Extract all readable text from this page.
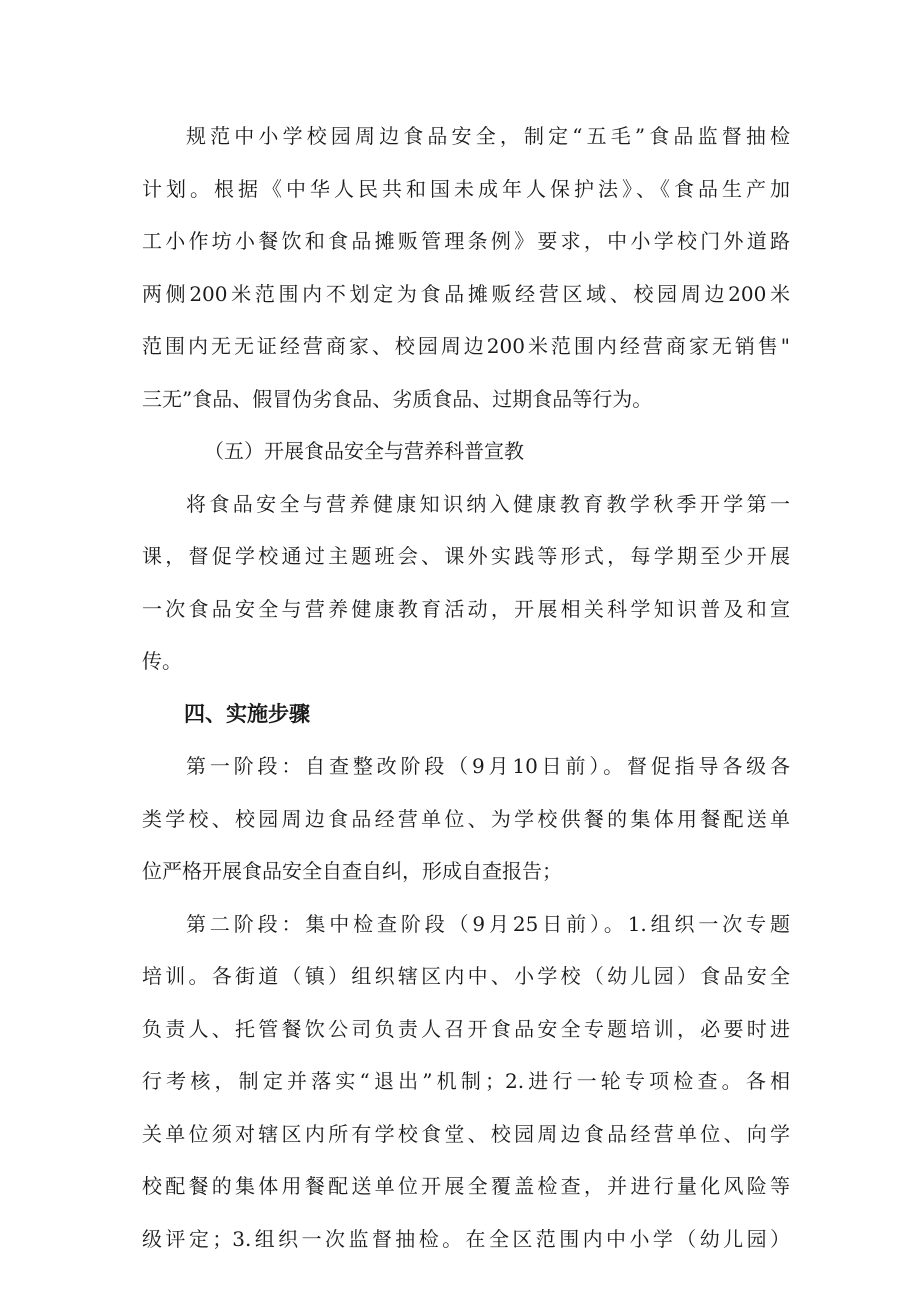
规范中小学校园周边食品安全，制定“五毛”食品监督抽检
计划。根据《中华人民共和国未成年人保护法》、《食品生产加
工小作坊小餐饮和食品摊贩管理条例》要求，中小学校门外道路
两侧200米范围内不划定为食品摊贩经营区域、校园周边200米
范围内无无证经营商家、校园周边200米范围内经营商家无销售"
三无”食品、假冒伪劣食品、劣质食品、过期食品等行为。
（五）开展食品安全与营养科普宣教
将食品安全与营养健康知识纳入健康教育教学秋季开学第一
课，督促学校通过主题班会、课外实践等形式，每学期至少开展
一次食品安全与营养健康教育活动，开展相关科学知识普及和宣
传。
四、实施步骤
第一阶段：自查整改阶段（9月10日前）。督促指导各级各
类学校、校园周边食品经营单位、为学校供餐的集体用餐配送单
位严格开展食品安全自查自纠，形成自查报告；
第二阶段：集中检查阶段（9月25日前）。1.组织一次专题
培训。各街道（镇）组织辖区内中、小学校（幼儿园）食品安全
负责人、托管餐饮公司负责人召开食品安全专题培训，必要时进
行考核，制定并落实“退出”机制；2.进行一轮专项检查。各相
关单位须对辖区内所有学校食堂、校园周边食品经营单位、向学
校配餐的集体用餐配送单位开展全覆盖检查，并进行量化风险等
级评定；3.组织一次监督抽检。在全区范围内中小学（幼儿园）
